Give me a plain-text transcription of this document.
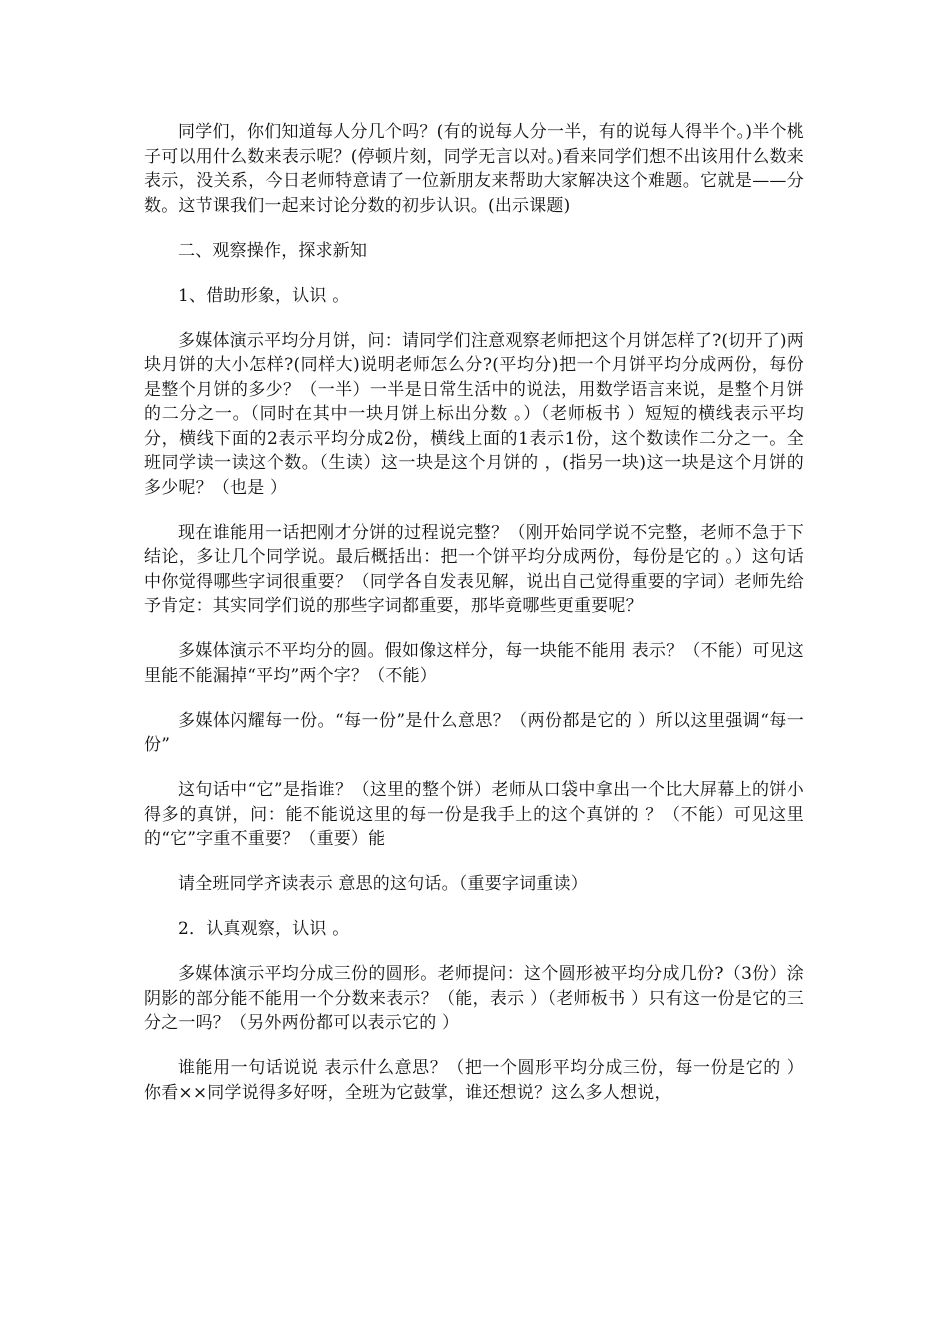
同学们，你们知道每人分几个吗？(有的说每人分一半，有的说每人得半个。)半个桃子可以用什么数来表示呢？(停顿片刻，同学无言以对。)看来同学们想不出该用什么数来表示，没关系，今日老师特意请了一位新朋友来帮助大家解决这个难题。它就是——分数。这节课我们一起来讨论分数的初步认识。(出示课题)

二、观察操作，探求新知

1、借助形象，认识 。

多媒体演示平均分月饼，问：请同学们注意观察老师把这个月饼怎样了?(切开了)两块月饼的大小怎样?(同样大)说明老师怎么分?(平均分)把一个月饼平均分成两份，每份是整个月饼的多少？（一半）一半是日常生活中的说法，用数学语言来说，是整个月饼的二分之一。（同时在其中一块月饼上标出分数 。）（老师板书 ）短短的横线表示平均分，横线下面的2表示平均分成2份，横线上面的1表示1份，这个数读作二分之一。全班同学读一读这个数。（生读）这一块是这个月饼的 ，(指另一块)这一块是这个月饼的多少呢？（也是 ）

现在谁能用一话把刚才分饼的过程说完整？（刚开始同学说不完整，老师不急于下结论，多让几个同学说。最后概括出：把一个饼平均分成两份，每份是它的 。）这句话中你觉得哪些字词很重要？（同学各自发表见解，说出自己觉得重要的字词）老师先给予肯定：其实同学们说的那些字词都重要，那毕竟哪些更重要呢？

多媒体演示不平均分的圆。假如像这样分，每一块能不能用 表示？（不能）可见这里能不能漏掉“平均”两个字？（不能）

多媒体闪耀每一份。“每一份”是什么意思？（两份都是它的 ）所以这里强调“每一份”

这句话中“它”是指谁？（这里的整个饼）老师从口袋中拿出一个比大屏幕上的饼小得多的真饼，问：能不能说这里的每一份是我手上的这个真饼的 ？（不能）可见这里的“它”字重不重要？（重要）能

请全班同学齐读表示 意思的这句话。（重要字词重读）

2．认真观察，认识 。

多媒体演示平均分成三份的圆形。老师提问：这个圆形被平均分成几份?（3份）涂阴影的部分能不能用一个分数来表示？（能，表示 ）（老师板书 ）只有这一份是它的三分之一吗？（另外两份都可以表示它的 ）

谁能用一句话说说 表示什么意思？（把一个圆形平均分成三份，每一份是它的 ）你看××同学说得多好呀，全班为它鼓掌，谁还想说？这么多人想说，
